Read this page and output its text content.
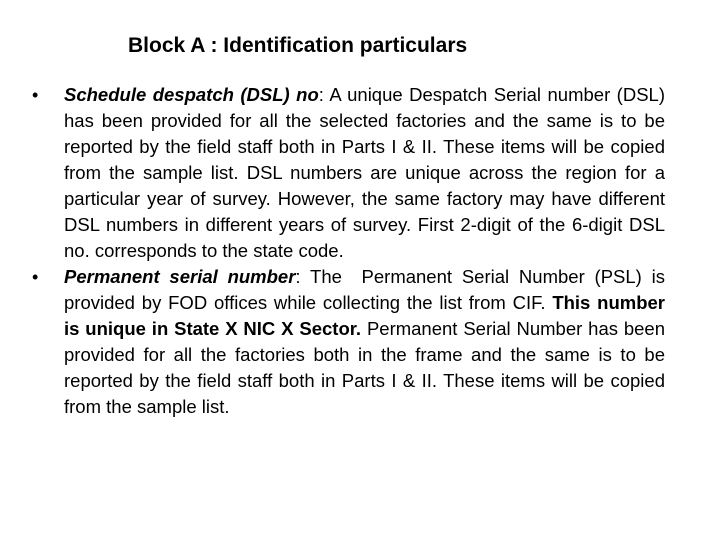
Block A : Identification particulars
• Schedule despatch (DSL) no: A unique Despatch Serial number (DSL) has been provided for all the selected factories and the same is to be reported by the field staff both in Parts I & II. These items will be copied from the sample list. DSL numbers are unique across the region for a particular year of survey. However, the same factory may have different DSL numbers in different years of survey. First 2-digit of the 6-digit DSL no. corresponds to the state code.
• Permanent serial number: The  Permanent Serial Number (PSL) is provided by FOD offices while collecting the list from CIF. This number is unique in State X NIC X Sector. Permanent Serial Number has been provided for all the factories both in the frame and the same is to be reported by the field staff both in Parts I & II. These items will be copied from the sample list.
